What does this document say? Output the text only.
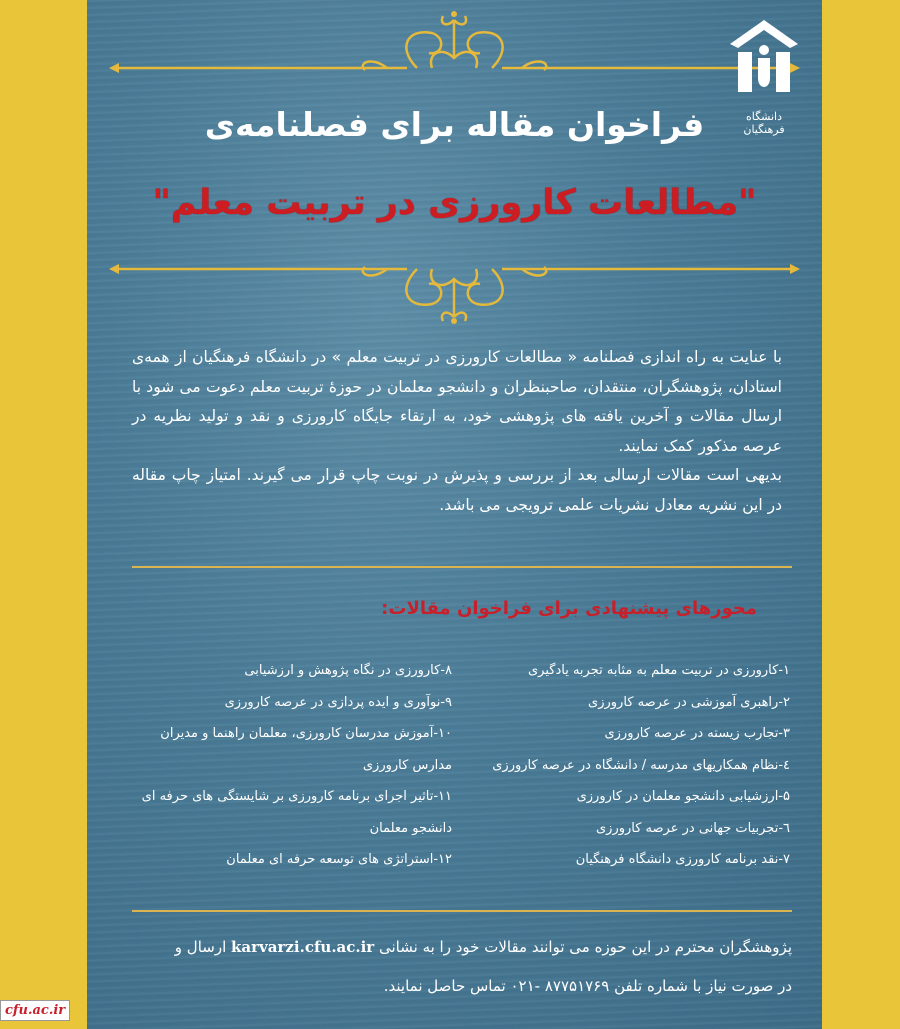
دانشگاه فرهنگیان
فراخوان مقاله برای فصلنامه‌ی
"مطالعات کارورزی در تربیت معلم"

با عنایت به راه اندازی فصلنامه « مطالعات کارورزی در تربیت معلم » در دانشگاه فرهنگیان از همه‌ی استادان، پژوهشگران، منتقدان، صاحبنظران و دانشجو معلمان در حوزهٔ تربیت معلم دعوت می شود با ارسال مقالات و آخرین یافته های پژوهشی خود، به ارتقاء جایگاه کارورزی و نقد و تولید نظریه در عرصه مذکور کمک نمایند.

بدیهی است مقالات ارسالی بعد از بررسی و پذیرش در نوبت چاپ قرار می گیرند. امتیاز چاپ مقاله در این نشریه معادل نشریات علمی ترویجی می باشد.

محورهای پیشنهادی برای فراخوان مقالات:

۱-کارورزی در تربیت معلم به مثابه تجربه یادگیری

۲-راهبری آموزشی در عرصه کارورزی

۳-تجارب زیسته در عرصه کارورزی

٤-نظام همکاریهای مدرسه / دانشگاه در عرصه کارورزی

۵-ارزشیابی دانشجو معلمان در کارورزی

٦-تجربیات جهانی در عرصه کارورزی

۷-نقد برنامه کارورزی دانشگاه فرهنگیان

۸-کارورزی در نگاه پژوهش و ارزشیابی

۹-نوآوری و ایده پردازی در عرصه کارورزی

۱۰-آموزش مدرسان کارورزی، معلمان راهنما و مدیران

مدارس کارورزی

۱۱-تاثیر اجرای برنامه کارورزی بر شایستگی های حرفه ای

دانشجو معلمان

۱۲-استراتژی های توسعه حرفه ای معلمان

پژوهشگران محترم در این حوزه می توانند مقالات خود را به نشانی karvarzi.cfu.ac.ir ارسال و

در صورت نیاز با شماره تلفن ۸۷۷۵۱۷۶۹ -۰۲۱ تماس حاصل نمایند.

cfu.ac.ir
